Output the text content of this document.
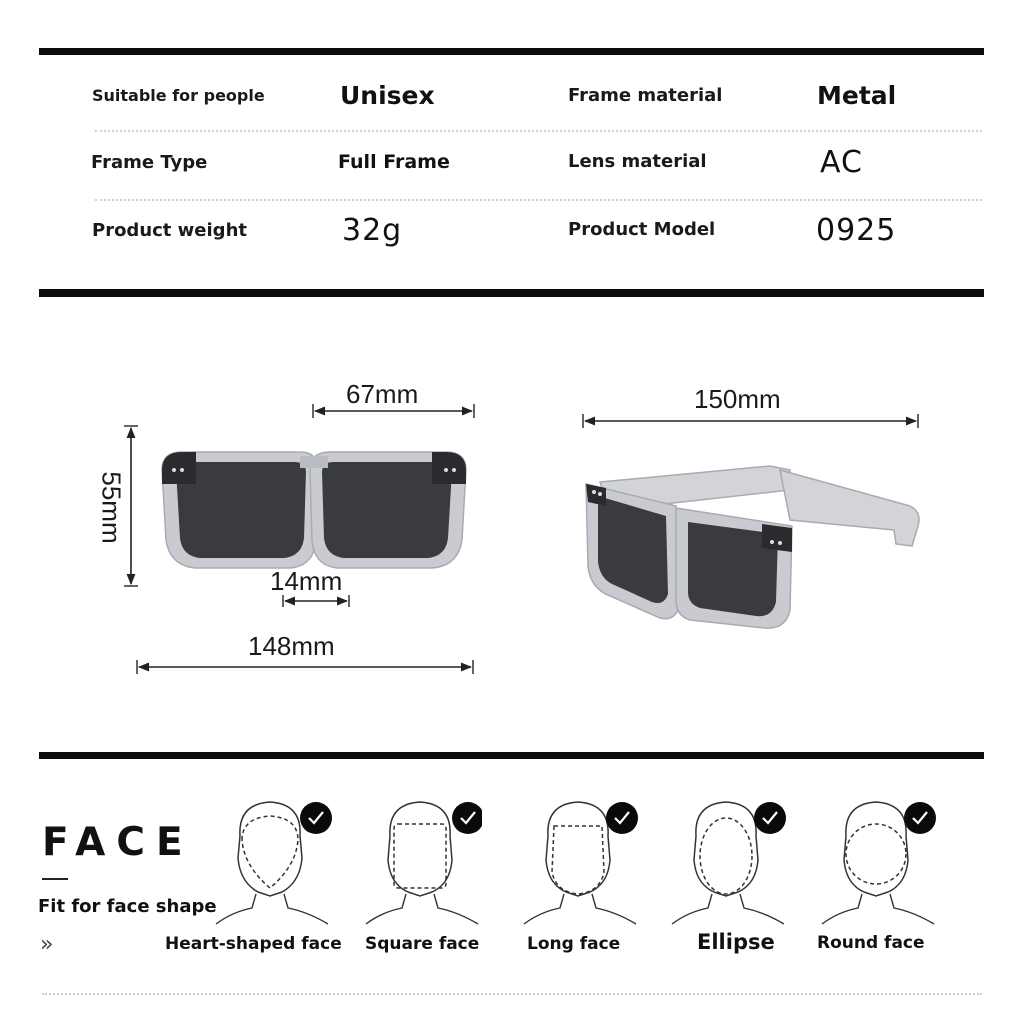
Suitable for people	Unisex	Frame material	Metal
Frame Type	Full Frame	Lens material	AC
Product weight	32g	Product Model	0925
67mm
55mm
14mm
148mm
150mm
FACE
Fit for face shape
»	Heart-shaped face Square face	Long face	Ellipse Round face
